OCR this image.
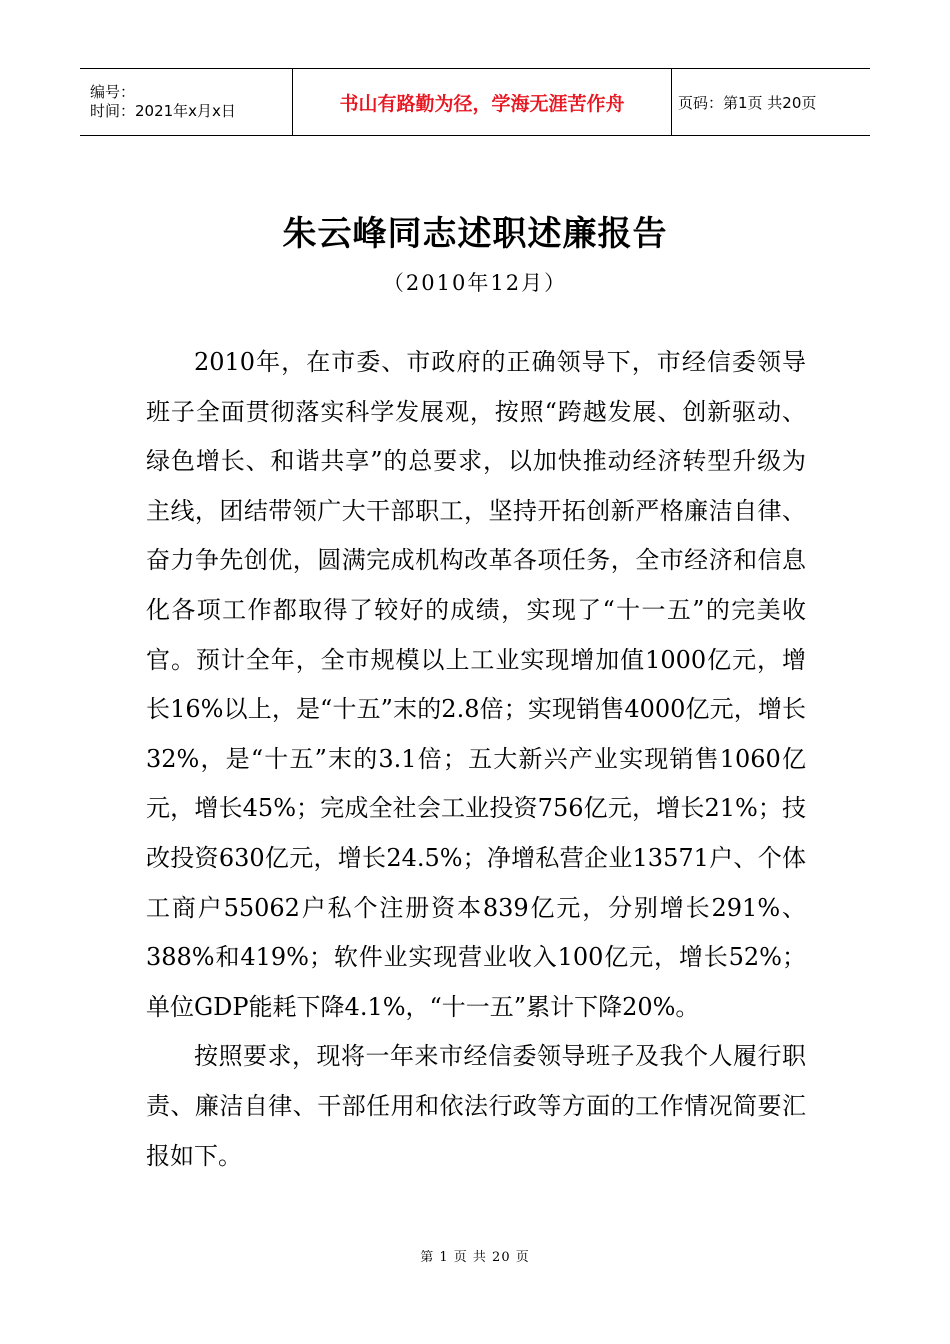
编号：
时间：2021年x月x日	书山有路勤为径，学海无涯苦作舟	页码：第1页 共20页
朱云峰同志述职述廉报告
（2010年12月）

2010年，在市委、市政府的正确领导下，市经信委领导班子全面贯彻落实科学发展观，按照“跨越发展、创新驱动、绿色增长、和谐共享”的总要求，以加快推动经济转型升级为主线，团结带领广大干部职工，坚持开拓创新严格廉洁自律、奋力争先创优，圆满完成机构改革各项任务，全市经济和信息化各项工作都取得了较好的成绩，实现了“十一五”的完美收官。预计全年，全市规模以上工业实现增加值1000亿元，增长16%以上，是“十五”末的2.8倍；实现销售4000亿元，增长32%，是“十五”末的3.1倍；五大新兴产业实现销售1060亿元，增长45%；完成全社会工业投资756亿元，增长21%；技改投资630亿元，增长24.5%；净增私营企业13571户、个体工商户55062户私个注册资本839亿元，分别增长291%、388%和419%；软件业实现营业收入100亿元，增长52%；单位GDP能耗下降4.1%，“十一五”累计下降20%。

按照要求，现将一年来市经信委领导班子及我个人履行职责、廉洁自律、干部任用和依法行政等方面的工作情况简要汇报如下。

第 1 页 共 20 页
